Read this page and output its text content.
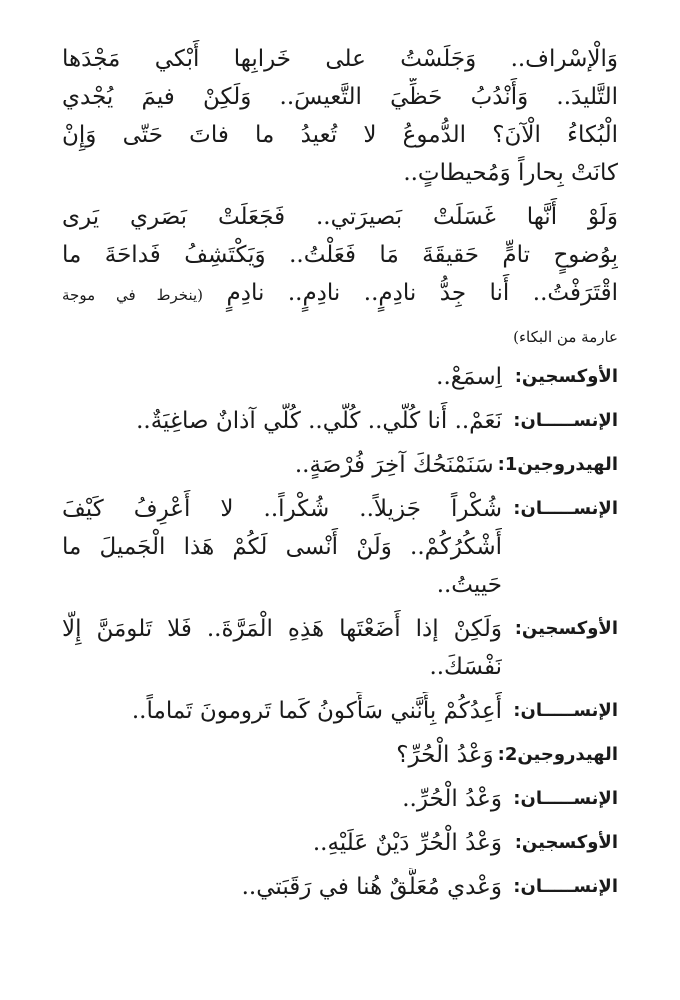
وَالْإسْراف.. وَجَلَسْتُ على خَرابِها أَبْكي مَجْدَها
التَّليدَ.. وَأَنْدُبُ حَظِّيَ التَّعيسَ.. وَلَكِنْ فيمَ يُجْدي
الْبُكاءُ الْآنَ؟ الدُّموعُ لا تُعيدُ ما فاتَ حَتّى وَإِنْ
كانَتْ بِحاراً وَمُحيطاتٍ..
وَلَوْ أَنَّها غَسَلَتْ بَصيرَتي.. فَجَعَلَتْ بَصَري يَرى
بِوُضوحٍ تامٍّ حَقيقَةَ مَا فَعَلْتُ.. وَيَكْتَشِفُ فَداحَةَ ما
اقْتَرَفْتُ.. أَنا جِدُّ نادِمٍ.. نادِمٍ.. نادِمٍ (ينخرط في موجة
عارمة من البكاء)
الأوكسجين:
اِسمَعْ..
الإنســـــان:
نَعَمْ.. أَنا كُلّي.. كُلّي.. كُلّي آذانٌ صاغِيَةٌ..
الهيدروجين1:
سَنَمْنَحُكَ آخِرَ فُرْصَةٍ..
الإنســـــان:
شُكْراً جَزيلاً.. شُكْراً.. لا أَعْرِفُ كَيْفَ
أَشْكُرُكُمْ.. وَلَنْ أَنْسى لَكُمْ هَذا الْجَميلَ ما
حَييتُ..
الأوكسجين:
وَلَكِنْ إذا أَضَعْتَها هَذِهِ الْمَرَّةَ.. فَلا تَلومَنَّ إِلّا
نَفْسَكَ..
الإنســـــان:
أَعِدُكُمْ بِأَنَّني سَأَكونُ كَما تَرومونَ تَماماً..
الهيدروجين2:
وَعْدُ الْحُرِّ؟
الإنســـــان:
وَعْدُ الْحُرِّ..
الأوكسجين:
وَعْدُ الْحُرِّ دَيْنٌ عَلَيْهِ..
الإنســـــان:
وَعْدي مُعَلَّقٌ هُنا في رَقَبَتي..
